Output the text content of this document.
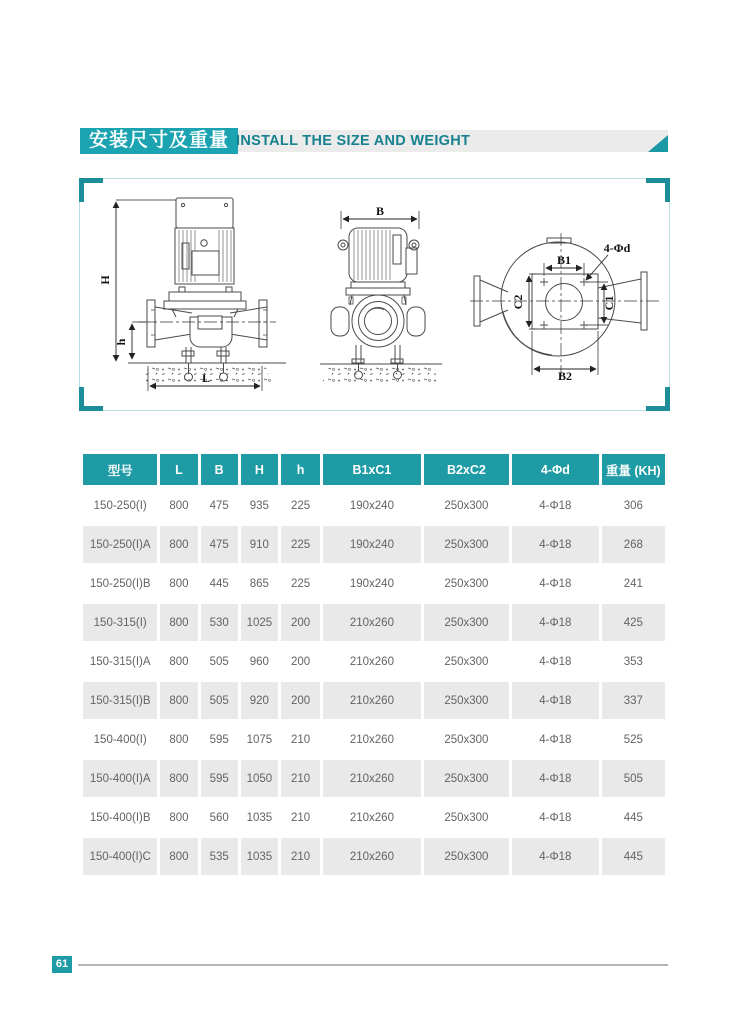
安装尺寸及重量 INSTALL THE SIZE AND WEIGHT
H
h
L
B
B1
B2
C2	C1
4-Φd
型号	L	B	H	h	B1xC1	B2xC2	4-Φd	重量 (KH)
150-250(I)	800	475	935	225	190x240	250x300	4-Φ18	306
150-250(I)A	800	475	910	225	190x240	250x300	4-Φ18	268
150-250(I)B	800	445	865	225	190x240	250x300	4-Φ18	241
150-315(I)	800	530	1025	200	210x260	250x300	4-Φ18	425
150-315(I)A	800	505	960	200	210x260	250x300	4-Φ18	353
150-315(I)B	800	505	920	200	210x260	250x300	4-Φ18	337
150-400(I)	800	595	1075	210	210x260	250x300	4-Φ18	525
150-400(I)A	800	595	1050	210	210x260	250x300	4-Φ18	505
150-400(I)B	800	560	1035	210	210x260	250x300	4-Φ18	445
150-400(I)C	800	535	1035	210	210x260	250x300	4-Φ18	445
61
